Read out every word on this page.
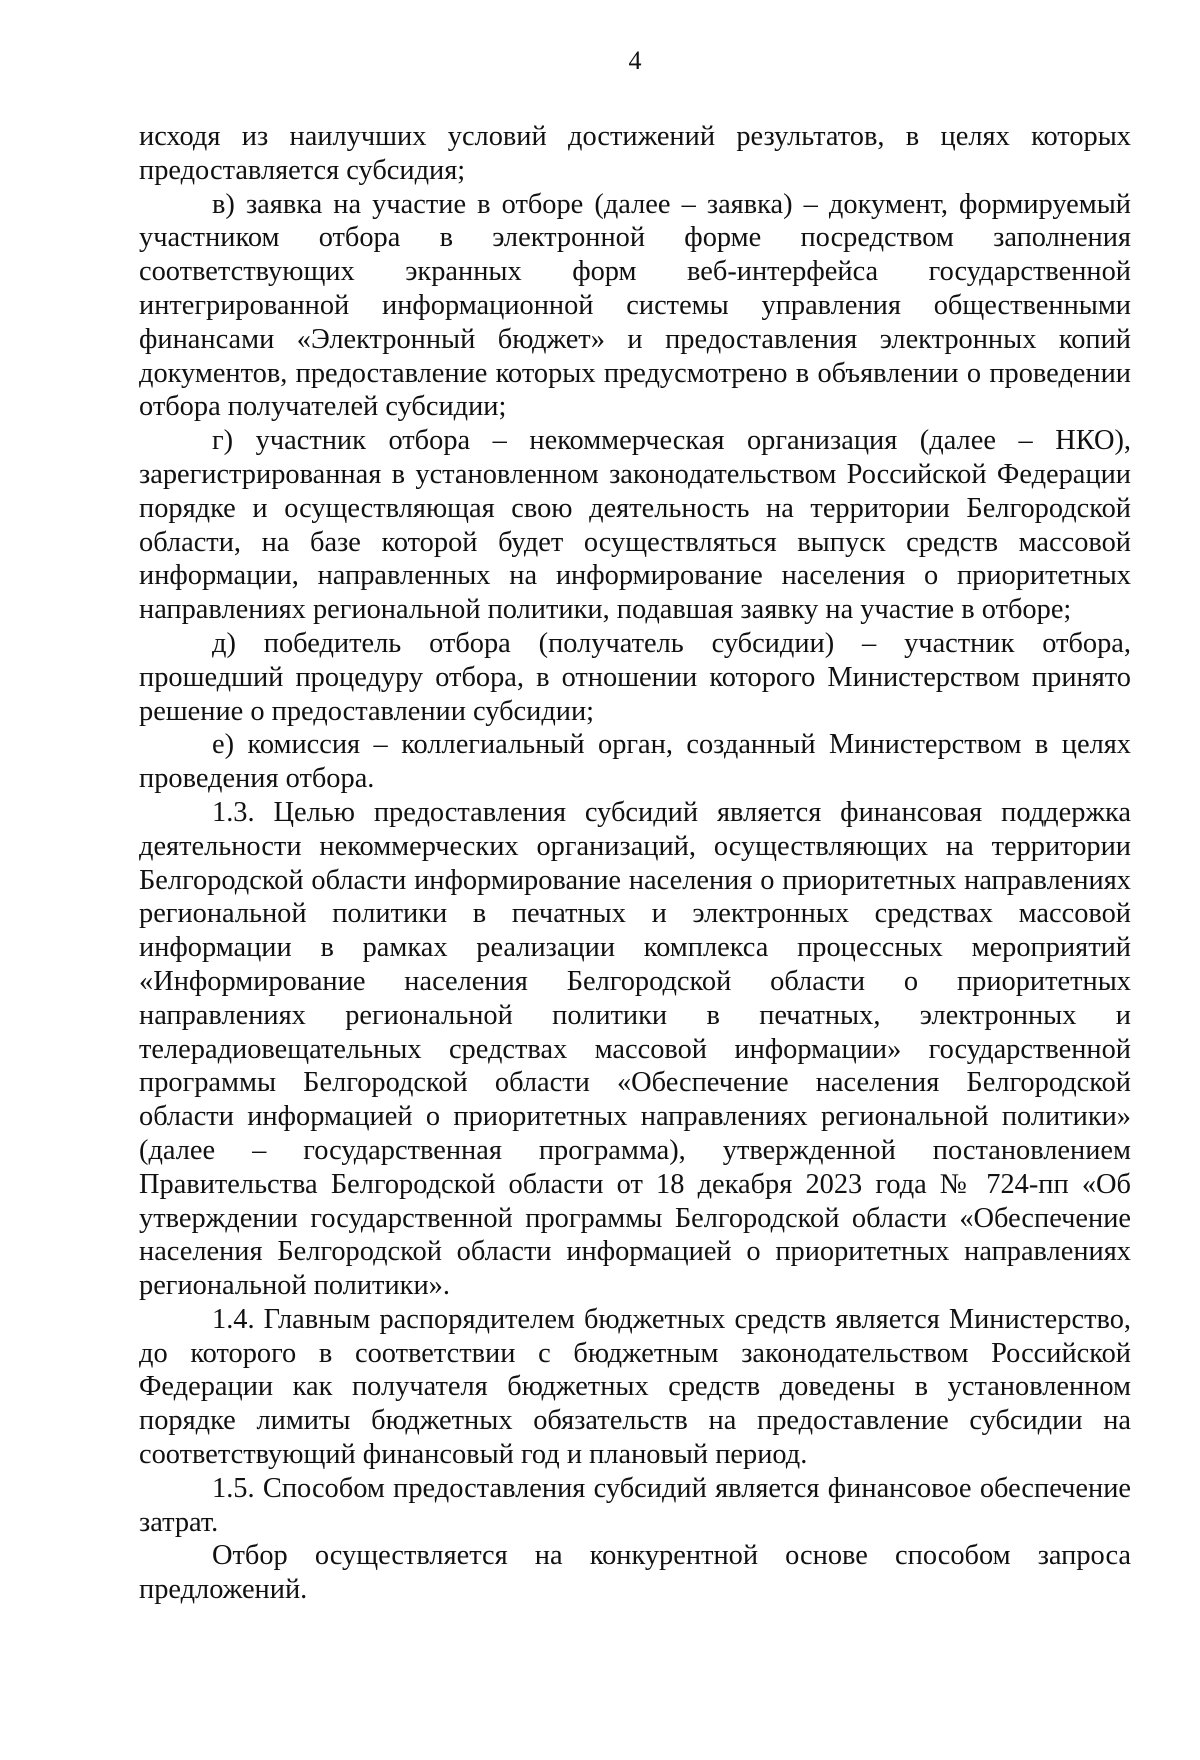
4

исходя из наилучших условий достижений результатов, в целях которых предоставляется субсидия;

в) заявка на участие в отборе (далее – заявка) – документ, формируемый участником отбора в электронной форме посредством заполнения соответствующих экранных форм веб-интерфейса государственной интегрированной информационной системы управления общественными финансами «Электронный бюджет» и предоставления электронных копий документов, предоставление которых предусмотрено в объявлении о проведении отбора получателей субсидии;

г) участник отбора – некоммерческая организация (далее – НКО), зарегистрированная в установленном законодательством Российской Федерации порядке и осуществляющая свою деятельность на территории Белгородской области, на базе которой будет осуществляться выпуск средств массовой информации, направленных на информирование населения о приоритетных направлениях региональной политики, подавшая заявку на участие в отборе;

д) победитель отбора (получатель субсидии) – участник отбора, прошедший процедуру отбора, в отношении которого Министерством принято решение о предоставлении субсидии;

е) комиссия – коллегиальный орган, созданный Министерством в целях проведения отбора.

1.3. Целью предоставления субсидий является финансовая поддержка деятельности некоммерческих организаций, осуществляющих на территории Белгородской области информирование населения о приоритетных направлениях региональной политики в печатных и электронных средствах массовой информации в рамках реализации комплекса процессных мероприятий «Информирование населения Белгородской области о приоритетных направлениях региональной политики в печатных, электронных и телерадиовещательных средствах массовой информации» государственной программы Белгородской области «Обеспечение населения Белгородской области информацией о приоритетных направлениях региональной политики» (далее – государственная программа), утвержденной постановлением Правительства Белгородской области от 18 декабря 2023 года № 724-пп «Об утверждении государственной программы Белгородской области «Обеспечение населения Белгородской области информацией о приоритетных направлениях региональной политики».

1.4. Главным распорядителем бюджетных средств является Министерство, до которого в соответствии с бюджетным законодательством Российской Федерации как получателя бюджетных средств доведены в установленном порядке лимиты бюджетных обязательств на предоставление субсидии на соответствующий финансовый год и плановый период.

1.5. Способом предоставления субсидий является финансовое обеспечение затрат.

Отбор осуществляется на конкурентной основе способом запроса предложений.
